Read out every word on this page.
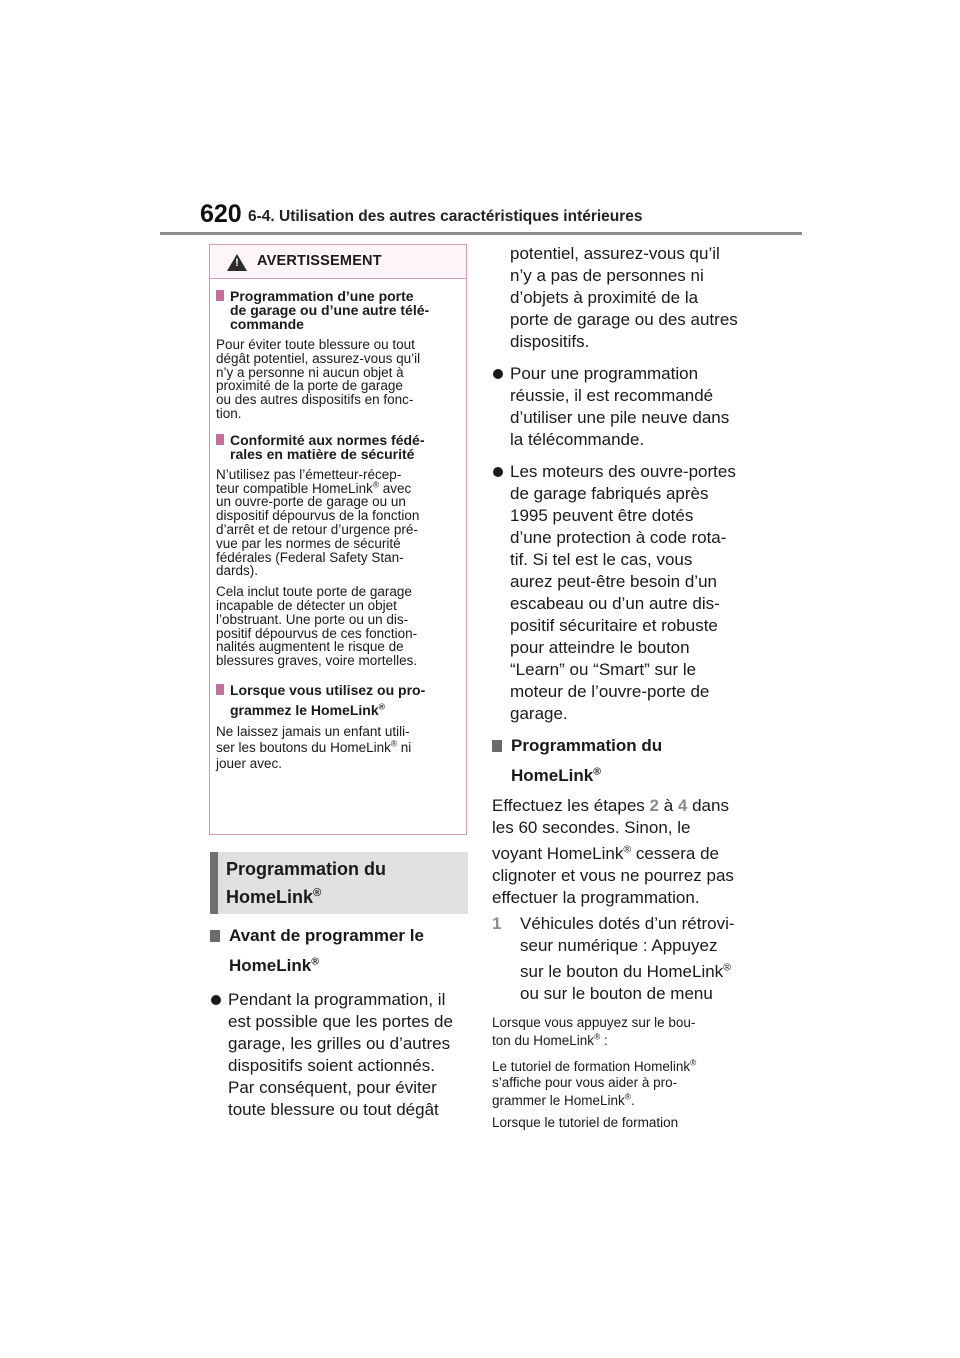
620 6-4. Utilisation des autres caractéristiques intérieures
! AVERTISSEMENT
Programmation d’une porte
de garage ou d’une autre télé-
commande
Pour éviter toute blessure ou tout
dégât potentiel, assurez-vous qu’il
n’y a personne ni aucun objet à
proximité de la porte de garage
ou des autres dispositifs en fonc-
tion.
Conformité aux normes fédé-
rales en matière de sécurité
N’utilisez pas l’émetteur-récep-
teur compatible HomeLink® avec
un ouvre-porte de garage ou un
dispositif dépourvus de la fonction
d’arrêt et de retour d’urgence pré-
vue par les normes de sécurité
fédérales (Federal Safety Stan-
dards).
Cela inclut toute porte de garage
incapable de détecter un objet
l’obstruant. Une porte ou un dis-
positif dépourvus de ces fonction-
nalités augmentent le risque de
blessures graves, voire mortelles.
Lorsque vous utilisez ou pro-
grammez le HomeLink®
Ne laissez jamais un enfant utili-
ser les boutons du HomeLink® ni
jouer avec.
Programmation du
HomeLink®
Avant de programmer le
HomeLink®
Pendant la programmation, il
est possible que les portes de
garage, les grilles ou d’autres
dispositifs soient actionnés.
Par conséquent, pour éviter
toute blessure ou tout dégât
potentiel, assurez-vous qu’il
n’y a pas de personnes ni
d’objets à proximité de la
porte de garage ou des autres
dispositifs.
Pour une programmation
réussie, il est recommandé
d’utiliser une pile neuve dans
la télécommande.
Les moteurs des ouvre-portes
de garage fabriqués après
1995 peuvent être dotés
d’une protection à code rota-
tif. Si tel est le cas, vous
aurez peut-être besoin d’un
escabeau ou d’un autre dis-
positif sécuritaire et robuste
pour atteindre le bouton
“Learn” ou “Smart” sur le
moteur de l’ouvre-porte de
garage.
Programmation du
HomeLink®
Effectuez les étapes 2 à 4 dans
les 60 secondes. Sinon, le
voyant HomeLink® cessera de
clignoter et vous ne pourrez pas
effectuer la programmation.
1 Véhicules dotés d’un rétrovi-
seur numérique : Appuyez
sur le bouton du HomeLink®
ou sur le bouton de menu
Lorsque vous appuyez sur le bou-
ton du HomeLink® :
Le tutoriel de formation Homelink®
s’affiche pour vous aider à pro-
grammer le HomeLink®.
Lorsque le tutoriel de formation
